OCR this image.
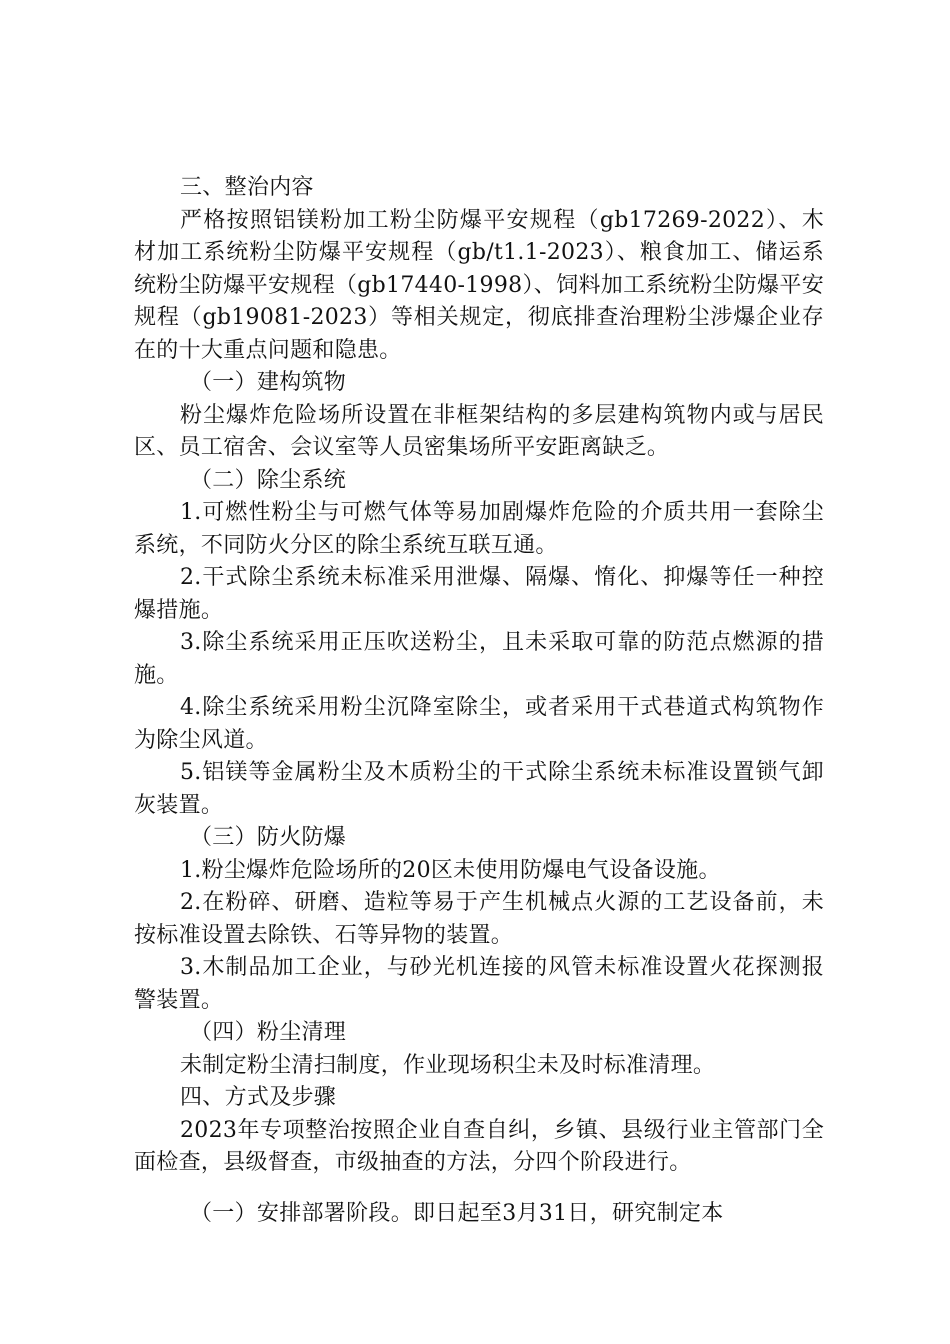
三、整治内容

严格按照铝镁粉加工粉尘防爆平安规程（gb17269-2022）、木材加工系统粉尘防爆平安规程（gb/t1.1-2023）、粮食加工、储运系统粉尘防爆平安规程（gb17440-1998）、饲料加工系统粉尘防爆平安规程（gb19081-2023）等相关规定，彻底排查治理粉尘涉爆企业存在的十大重点问题和隐患。

（一）建构筑物

粉尘爆炸危险场所设置在非框架结构的多层建构筑物内或与居民区、员工宿舍、会议室等人员密集场所平安距离缺乏。

（二）除尘系统

1.可燃性粉尘与可燃气体等易加剧爆炸危险的介质共用一套除尘系统，不同防火分区的除尘系统互联互通。

2.干式除尘系统未标准采用泄爆、隔爆、惰化、抑爆等任一种控爆措施。

3.除尘系统采用正压吹送粉尘，且未采取可靠的防范点燃源的措施。

4.除尘系统采用粉尘沉降室除尘，或者采用干式巷道式构筑物作为除尘风道。

5.铝镁等金属粉尘及木质粉尘的干式除尘系统未标准设置锁气卸灰装置。

（三）防火防爆

1.粉尘爆炸危险场所的20区未使用防爆电气设备设施。

2.在粉碎、研磨、造粒等易于产生机械点火源的工艺设备前，未按标准设置去除铁、石等异物的装置。

3.木制品加工企业，与砂光机连接的风管未标准设置火花探测报警装置。

（四）粉尘清理

未制定粉尘清扫制度，作业现场积尘未及时标准清理。

四、方式及步骤

2023年专项整治按照企业自查自纠，乡镇、县级行业主管部门全面检查，县级督查，市级抽查的方法，分四个阶段进行。

（一）安排部署阶段。即日起至3月31日，研究制定本
